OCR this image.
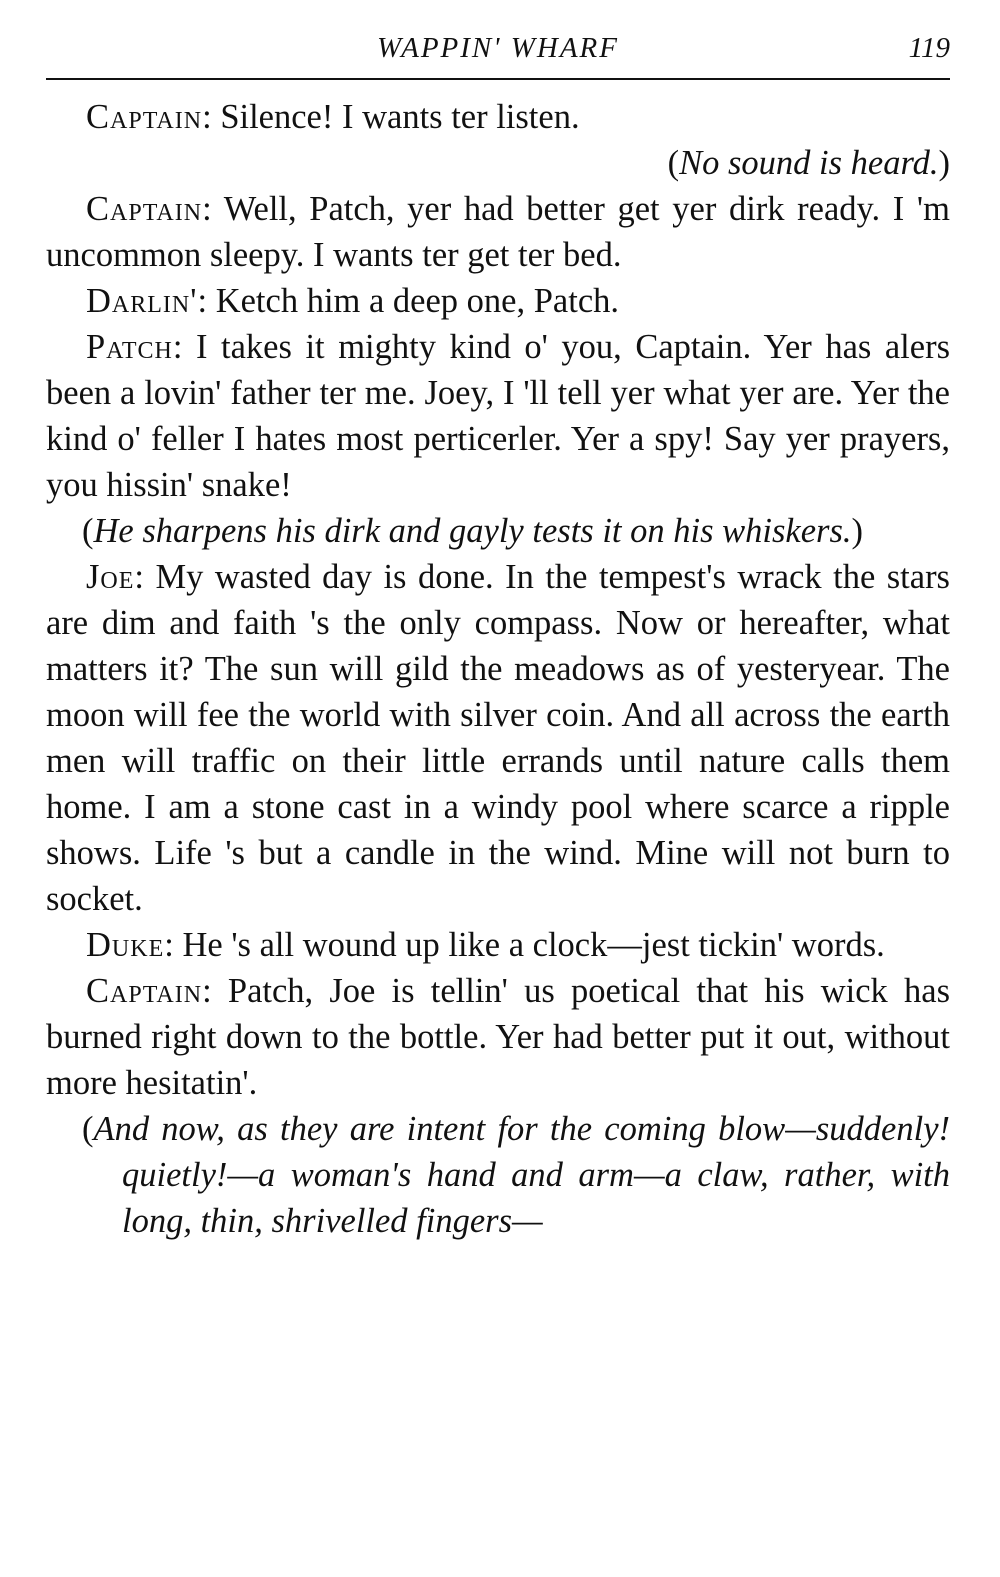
WAPPIN' WHARF	119

Captain: Silence! I wants ter listen.

(No sound is heard.)

Captain: Well, Patch, yer had better get yer dirk ready. I 'm uncommon sleepy. I wants ter get ter bed.

Darlin': Ketch him a deep one, Patch.

Patch: I takes it mighty kind o' you, Captain. Yer has alers been a lovin' father ter me. Joey, I 'll tell yer what yer are. Yer the kind o' feller I hates most perticerler. Yer a spy! Say yer prayers, you hissin' snake!

(He sharpens his dirk and gayly tests it on his whiskers.)

Joe: My wasted day is done. In the tempest's wrack the stars are dim and faith 's the only compass. Now or hereafter, what matters it? The sun will gild the meadows as of yesteryear. The moon will fee the world with silver coin. And all across the earth men will traffic on their little errands until nature calls them home. I am a stone cast in a windy pool where scarce a ripple shows. Life 's but a candle in the wind. Mine will not burn to socket.

Duke: He 's all wound up like a clock—jest tickin' words.

Captain: Patch, Joe is tellin' us poetical that his wick has burned right down to the bottle. Yer had better put it out, without more hesitatin'.

(And now, as they are intent for the coming blow—suddenly! quietly!—a woman's hand and arm—a claw, rather, with long, thin, shrivelled fingers—
